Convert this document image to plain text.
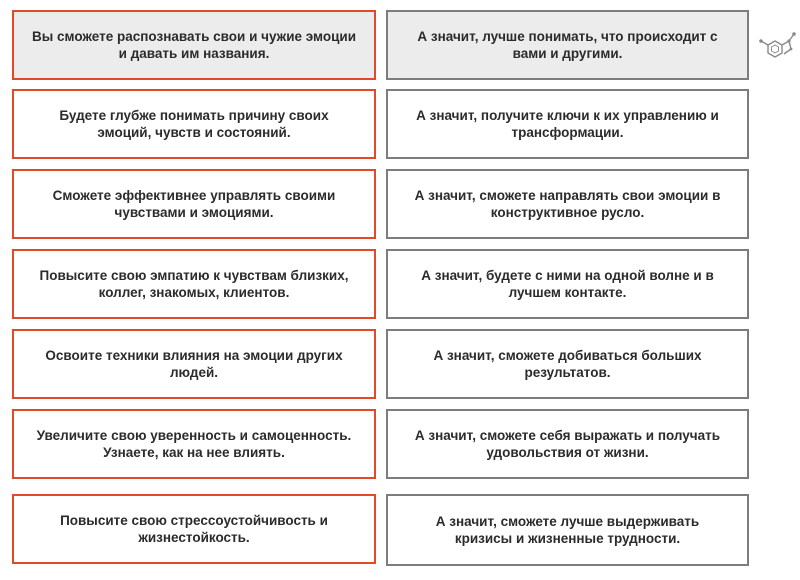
Вы сможете распознавать свои и чужие эмоции и давать им названия.
А значит, лучше понимать, что происходит с вами и другими.
Будете глубже понимать причину своих эмоций, чувств и состояний.
А значит, получите ключи к их управлению и трансформации.
Сможете эффективнее управлять своими чувствами и эмоциями.
А значит, сможете направлять свои эмоции в конструктивное русло.
Повысите свою эмпатию к чувствам близких, коллег, знакомых, клиентов.
А значит, будете с ними на одной волне и в лучшем контакте.
Освоите техники влияния на эмоции других людей.
А значит, сможете добиваться больших результатов.
Увеличите свою уверенность и самоценность. Узнаете, как на нее влиять.
А значит, сможете себя выражать и получать удовольствия от жизни.
Повысите свою стрессоустойчивость и жизнестойкость.
А значит, сможете лучше выдерживать кризисы и жизненные трудности.
